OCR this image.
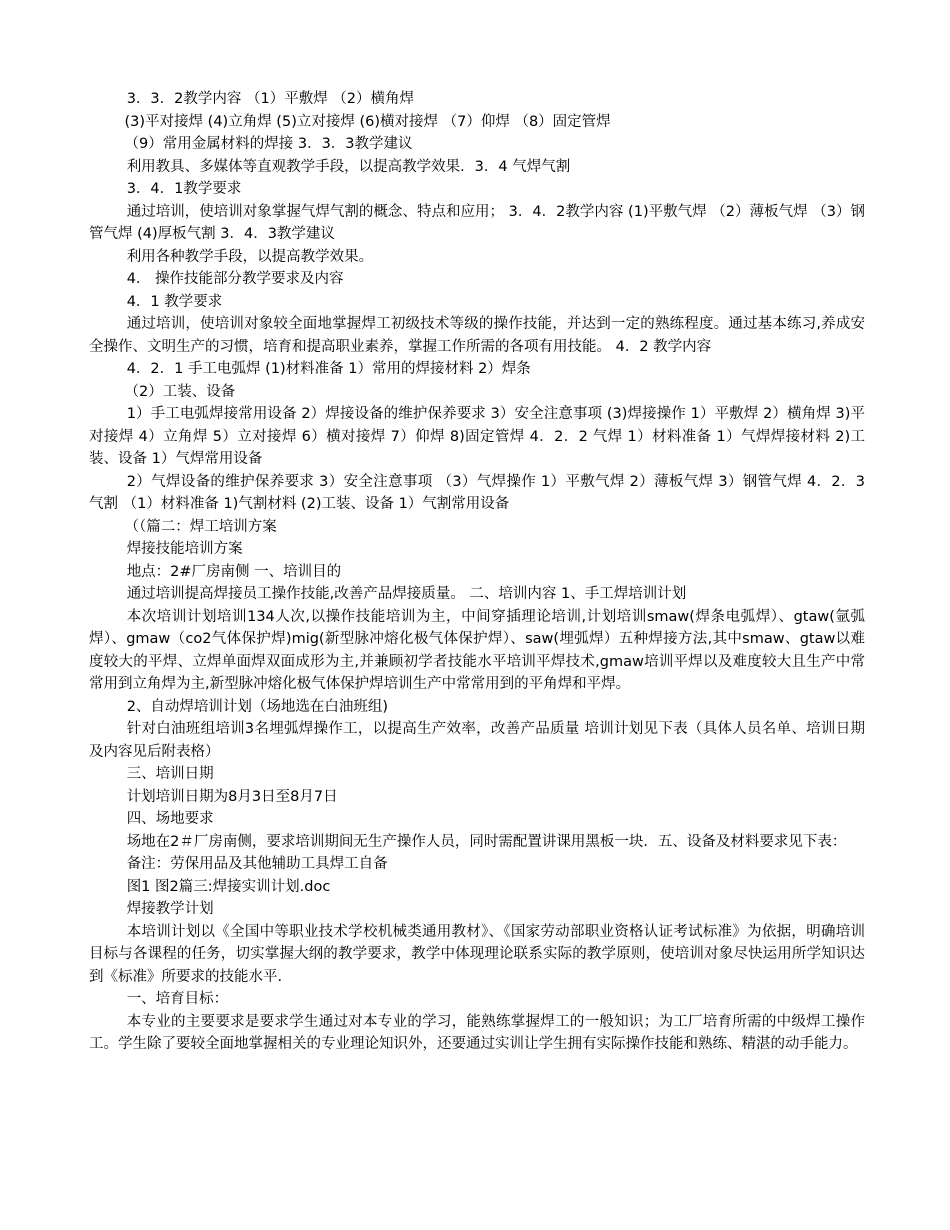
3．3．2教学内容 （1）平敷焊 （2）横角焊

(3)平对接焊 (4)立角焊 (5)立对接焊 (6)横对接焊 （7）仰焊 （8）固定管焊

（9）常用金属材料的焊接 3．3．3教学建议

利用教具、多媒体等直观教学手段，以提高教学效果．3．4 气焊气割

3．4．1教学要求

通过培训，使培训对象掌握气焊气割的概念、特点和应用； 3．4．2教学内容 (1)平敷气焊 （2）薄板气焊 （3）钢管气焊 (4)厚板气割 3．4．3教学建议

利用各种教学手段，以提高教学效果。

4． 操作技能部分教学要求及内容

4．1 教学要求

通过培训，使培训对象较全面地掌握焊工初级技术等级的操作技能，并达到一定的熟练程度。通过基本练习,养成安全操作、文明生产的习惯，培育和提高职业素养，掌握工作所需的各项有用技能。 4．2 教学内容

4．2．1 手工电弧焊 (1)材料准备 1）常用的焊接材料 2）焊条

（2）工装、设备

1）手工电弧焊接常用设备 2）焊接设备的维护保养要求 3）安全注意事项 (3)焊接操作 1）平敷焊 2）横角焊 3)平对接焊 4）立角焊 5）立对接焊 6）横对接焊 7）仰焊 8)固定管焊 4．2．2 气焊 1）材料准备 1）气焊焊接材料 2)工装、设备 1）气焊常用设备

2）气焊设备的维护保养要求 3）安全注意事项 （3）气焊操作 1）平敷气焊 2）薄板气焊 3）钢管气焊 4．2．3 气割 （1）材料准备 1)气割材料 (2)工装、设备 1）气割常用设备

（（篇二：焊工培训方案

焊接技能培训方案

地点：2#厂房南侧 一、培训目的

通过培训提高焊接员工操作技能,改善产品焊接质量。 二、培训内容 1、手工焊培训计划

本次培训计划培训134人次,以操作技能培训为主，中间穿插理论培训,计划培训smaw(焊条电弧焊）、gtaw(氩弧焊）、gmaw（co2气体保护焊)mig(新型脉冲熔化极气体保护焊）、saw(埋弧焊）五种焊接方法,其中smaw、gtaw以难度较大的平焊、立焊单面焊双面成形为主,并兼顾初学者技能水平培训平焊技术,gmaw培训平焊以及难度较大且生产中常常用到立角焊为主,新型脉冲熔化极气体保护焊培训生产中常常用到的平角焊和平焊。

2、自动焊培训计划（场地选在白油班组)

针对白油班组培训3名埋弧焊操作工，以提高生产效率，改善产品质量 培训计划见下表（具体人员名单、培训日期及内容见后附表格）

三、培训日期

计划培训日期为8月3日至8月7日

四、场地要求

场地在2＃厂房南侧，要求培训期间无生产操作人员，同时需配置讲课用黑板一块．五、设备及材料要求见下表：

备注：劳保用品及其他辅助工具焊工自备

图1 图2篇三:焊接实训计划.doc

焊接教学计划

本培训计划以《全国中等职业技术学校机械类通用教材》、《国家劳动部职业资格认证考试标准》为依据，明确培训目标与各课程的任务，切实掌握大纲的教学要求，教学中体现理论联系实际的教学原则，使培训对象尽快运用所学知识达到《标准》所要求的技能水平.

一、培育目标：

本专业的主要要求是要求学生通过对本专业的学习，能熟练掌握焊工的一般知识；为工厂培育所需的中级焊工操作工。学生除了要较全面地掌握相关的专业理论知识外，还要通过实训让学生拥有实际操作技能和熟练、精湛的动手能力。
